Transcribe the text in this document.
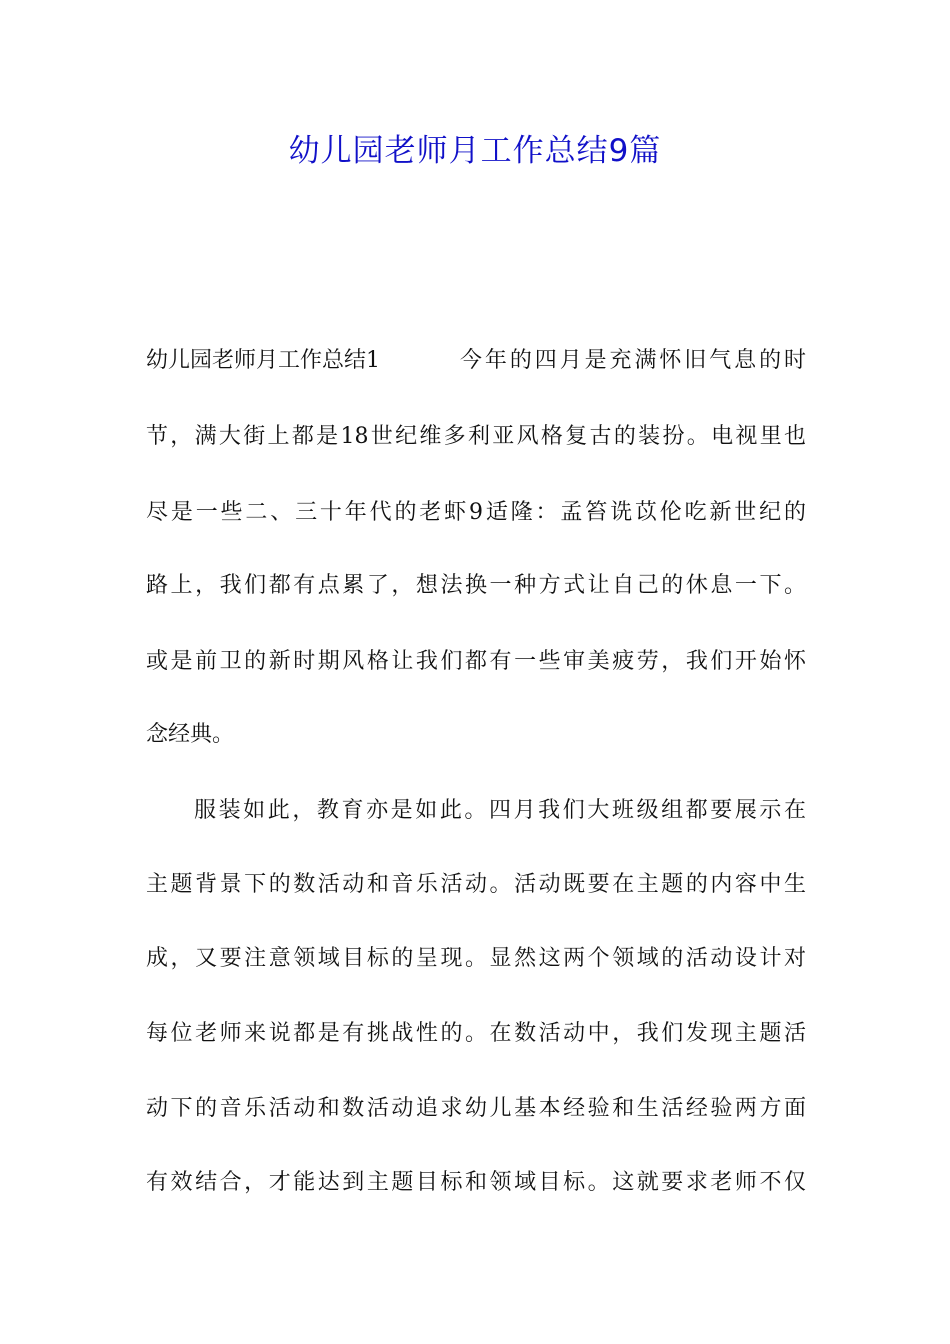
幼儿园老师月工作总结9篇
幼儿园老师月工作总结1	今年的四月是充满怀旧气息的时
节，满大街上都是18世纪维多利亚风格复古的装扮。电视里也
尽是一些二、三十年代的老虾9适隆：孟笞诜苡伦吃新世纪的
路上，我们都有点累了，想法换一种方式让自己的休息一下。
或是前卫的新时期风格让我们都有一些审美疲劳，我们开始怀
念经典。
服装如此，教育亦是如此。四月我们大班级组都要展示在
主题背景下的数活动和音乐活动。活动既要在主题的内容中生
成，又要注意领域目标的呈现。显然这两个领域的活动设计对
每位老师来说都是有挑战性的。在数活动中，我们发现主题活
动下的音乐活动和数活动追求幼儿基本经验和生活经验两方面
有效结合，才能达到主题目标和领域目标。这就要求老师不仅
